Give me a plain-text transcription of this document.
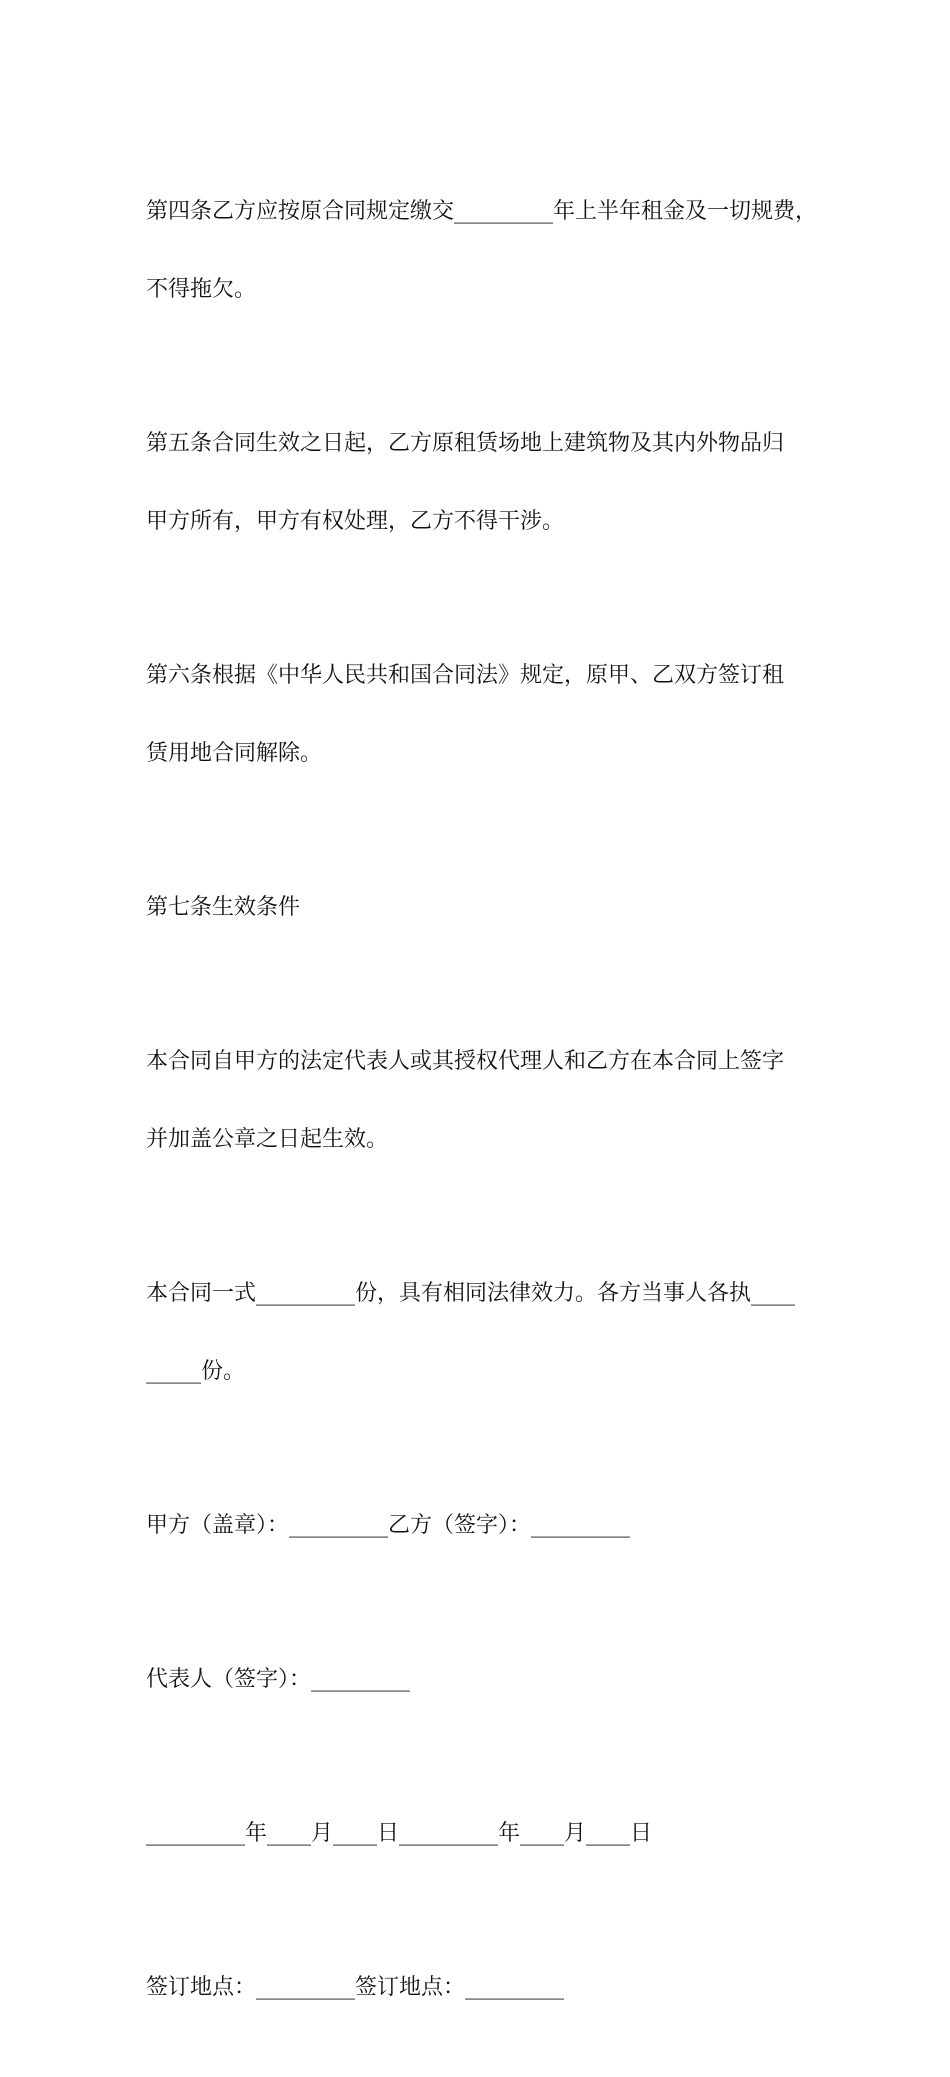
第四条乙方应按原合同规定缴交_________年上半年租金及一切规费，

不得拖欠。

第五条合同生效之日起，乙方原租赁场地上建筑物及其内外物品归

甲方所有，甲方有权处理，乙方不得干涉。

第六条根据《中华人民共和国合同法》规定，原甲、乙双方签订租

赁用地合同解除。

第七条生效条件

本合同自甲方的法定代表人或其授权代理人和乙方在本合同上签字

并加盖公章之日起生效。

本合同一式_________份，具有相同法律效力。各方当事人各执____

_____份。

甲方（盖章）：_________乙方（签字）：_________

代表人（签字）：_________

_________年____月____日_________年____月____日

签订地点：_________签订地点：_________
